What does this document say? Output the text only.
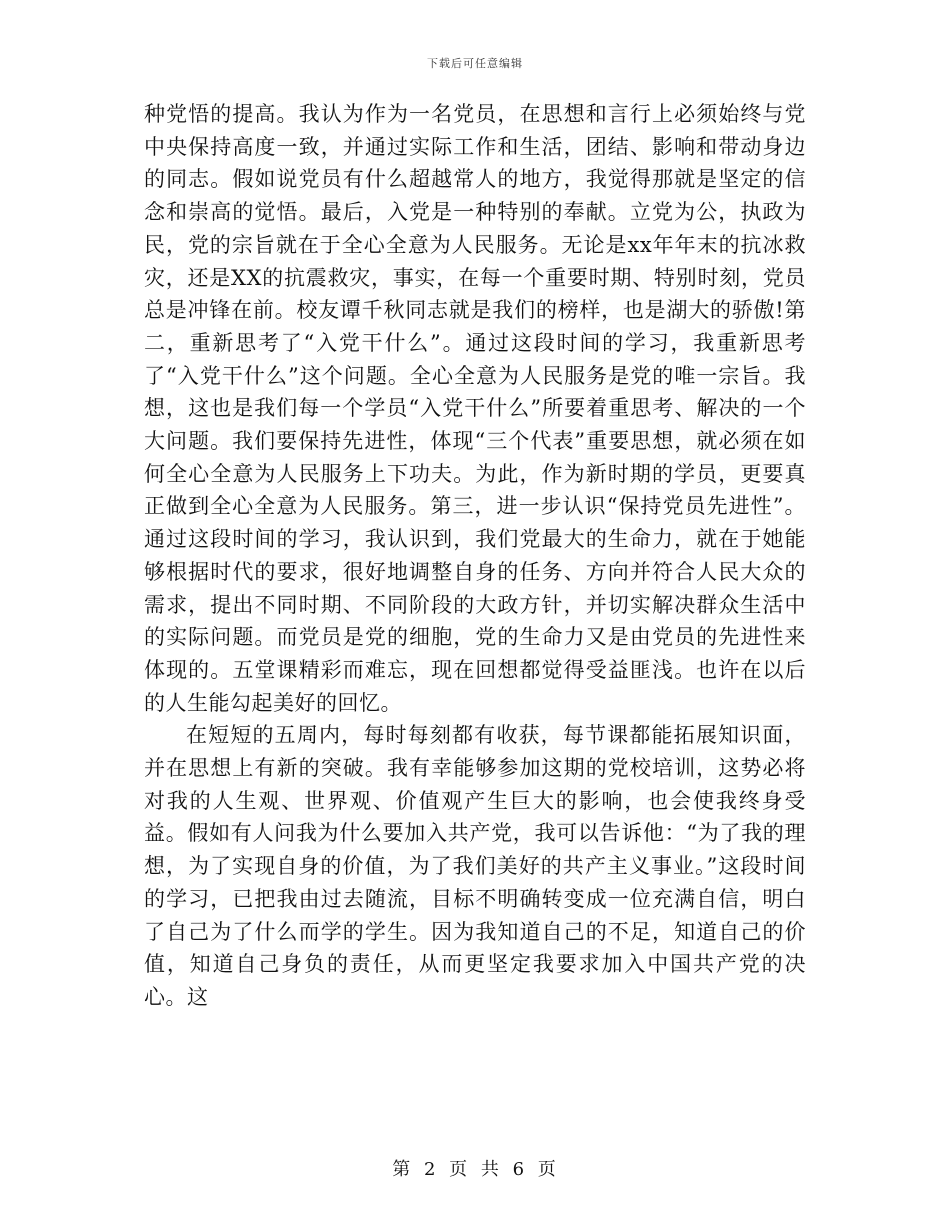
下载后可任意编辑

种党悟的提高。我认为作为一名党员，在思想和言行上必须始终与党中央保持高度一致，并通过实际工作和生活，团结、影响和带动身边的同志。假如说党员有什么超越常人的地方，我觉得那就是坚定的信念和崇高的觉悟。最后，入党是一种特别的奉献。立党为公，执政为民，党的宗旨就在于全心全意为人民服务。无论是xx年年末的抗冰救灾，还是XX的抗震救灾，事实，在每一个重要时期、特别时刻，党员总是冲锋在前。校友谭千秋同志就是我们的榜样，也是湖大的骄傲!第二，重新思考了“入党干什么”。通过这段时间的学习，我重新思考了“入党干什么”这个问题。全心全意为人民服务是党的唯一宗旨。我想，这也是我们每一个学员“入党干什么”所要着重思考、解决的一个大问题。我们要保持先进性，体现“三个代表”重要思想，就必须在如何全心全意为人民服务上下功夫。为此，作为新时期的学员，更要真正做到全心全意为人民服务。第三，进一步认识“保持党员先进性”。通过这段时间的学习，我认识到，我们党最大的生命力，就在于她能够根据时代的要求，很好地调整自身的任务、方向并符合人民大众的需求，提出不同时期、不同阶段的大政方针，并切实解决群众生活中的实际问题。而党员是党的细胞，党的生命力又是由党员的先进性来体现的。五堂课精彩而难忘，现在回想都觉得受益匪浅。也许在以后的人生能勾起美好的回忆。

在短短的五周内，每时每刻都有收获，每节课都能拓展知识面，并在思想上有新的突破。我有幸能够参加这期的党校培训，这势必将对我的人生观、世界观、价值观产生巨大的影响，也会使我终身受益。假如有人问我为什么要加入共产党，我可以告诉他：“为了我的理想，为了实现自身的价值，为了我们美好的共产主义事业。”这段时间的学习，已把我由过去随流，目标不明确转变成一位充满自信，明白了自己为了什么而学的学生。因为我知道自己的不足，知道自己的价值，知道自己身负的责任，从而更坚定我要求加入中国共产党的决心。这

第 2 页 共 6 页
